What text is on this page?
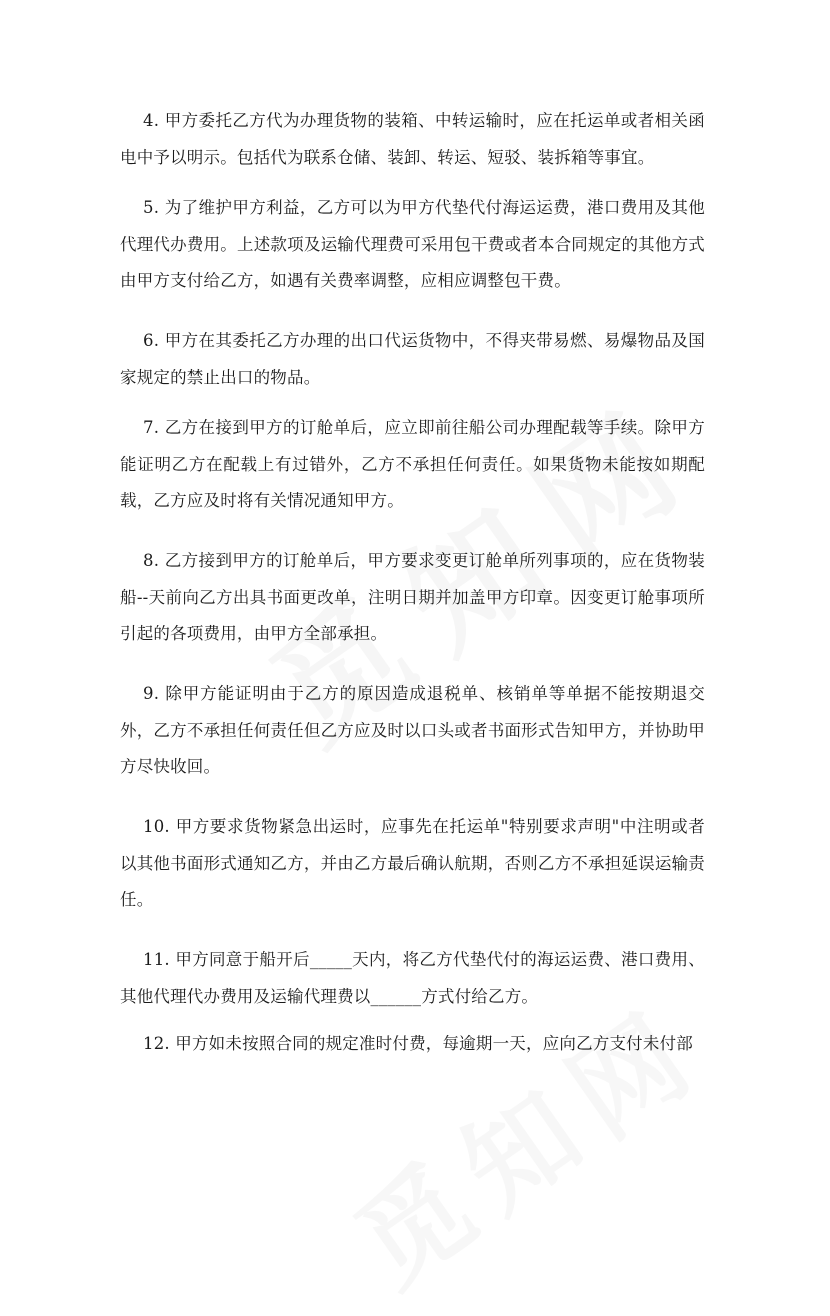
4. 甲方委托乙方代为办理货物的装箱、中转运输时，应在托运单或者相关函电中予以明示。包括代为联系仓储、装卸、转运、短驳、装拆箱等事宜。

5. 为了维护甲方利益，乙方可以为甲方代垫代付海运运费，港口费用及其他代理代办费用。上述款项及运输代理费可采用包干费或者本合同规定的其他方式由甲方支付给乙方，如遇有关费率调整，应相应调整包干费。

6. 甲方在其委托乙方办理的出口代运货物中，不得夹带易燃、易爆物品及国家规定的禁止出口的物品。

7. 乙方在接到甲方的订舱单后，应立即前往船公司办理配载等手续。除甲方能证明乙方在配载上有过错外，乙方不承担任何责任。如果货物未能按如期配载，乙方应及时将有关情况通知甲方。

8. 乙方接到甲方的订舱单后，甲方要求变更订舱单所列事项的，应在货物装船--天前向乙方出具书面更改单，注明日期并加盖甲方印章。因变更订舱事项所引起的各项费用，由甲方全部承担。

9. 除甲方能证明由于乙方的原因造成退税单、核销单等单据不能按期退交外，乙方不承担任何责任但乙方应及时以口头或者书面形式告知甲方，并协助甲方尽快收回。

10. 甲方要求货物紧急出运时，应事先在托运单"特别要求声明"中注明或者以其他书面形式通知乙方，并由乙方最后确认航期，否则乙方不承担延误运输责任。

11. 甲方同意于船开后_____天内，将乙方代垫代付的海运运费、港口费用、其他代理代办费用及运输代理费以______方式付给乙方。

12. 甲方如未按照合同的规定准时付费，每逾期一天，应向乙方支付未付部
